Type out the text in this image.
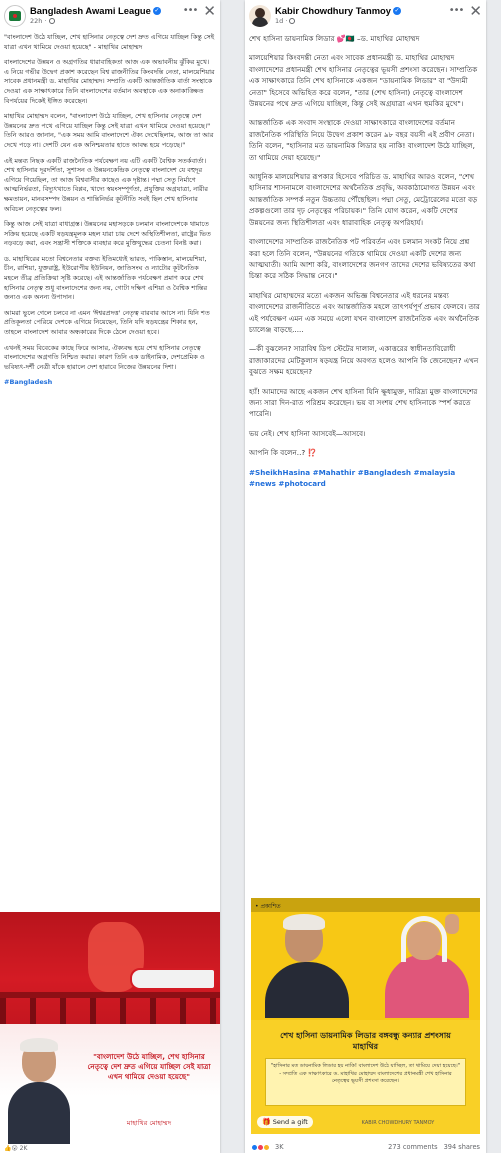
Bangladesh Awami League ✓
22h ·
••• ✕

"বাংলাদেশ উঠে যাচ্ছিল, শেখ হাসিনার নেতৃত্বে দেশ দ্রুত এগিয়ে যাচ্ছিল কিন্তু সেই যাত্রা এখন থামিয়ে দেওয়া হয়েছে" - মাহাথির মোহাম্মদ

বাংলাদেশের উন্নয়ন ও অগ্রগতির ধারাবাহিকতা আজ এক অভাবনীয় ঝুঁকির মুখে। এ নিয়ে গভীর উদ্বেগ প্রকাশ করেছেন বিশ্ব রাজনীতির কিংবদন্তি নেতা, মালয়েশিয়ার সাবেক প্রধানমন্ত্রী ড. মাহাথির মোহাম্মদ। সম্প্রতি একটি আন্তর্জাতিক বার্তা সংস্থাকে দেওয়া এক সাক্ষাৎকারে তিনি বাংলাদেশের বর্তমান অবস্থাকে এক অনাকাঙ্ক্ষিত বিপর্যয়ের দিকেই ইঙ্গিত করেছেন।

মাহাথির মোহাম্মদ বলেন, "বাংলাদেশ উঠে যাচ্ছিল, শেখ হাসিনার নেতৃত্বে দেশ উন্নয়নের দ্রুত পথে এগিয়ে যাচ্ছিল কিন্তু সেই যাত্রা এখন থামিয়ে দেওয়া হয়েছে।" তিনি আরও জানান, "এক সময় আমি বাংলাদেশে ঐক্য দেখেছিলাম, আজ তা আর দেখে পড়ে না। দেশটি যেন এক অনিশ্চয়তার হাতে আবদ্ধ হয়ে পড়েছে।"

এই মন্তব্য নিছক একটি রাজনৈতিক পর্যবেক্ষণ নয় এটি একটি বৈশ্বিক সতর্কবার্তা। শেখ হাসিনার দূরদর্শিতা, সুশাসন ও উন্নয়নকেন্দ্রিক নেতৃত্বে বাংলাদেশ যে বহুদূর এগিয়ে গিয়েছিল, তা আজ বিশ্ববাসীর কাছেও এক দৃষ্টান্ত। পদ্মা সেতু নির্মাণে আত্মনির্ভরতা, বিদ্যুৎখাতে বিপ্লব, খাদ্যে স্বয়ংসম্পূর্ণতা, প্রযুক্তির অগ্রযাত্রা, নারীর ক্ষমতায়ন, মানবসম্পদ উন্নয়ন ও শান্তিনির্ভর কূটনীতি সবই ছিল শেখ হাসিনার অবিচল নেতৃত্বের ফল।

কিন্তু আজ সেই যাত্রা বাধাগ্রস্ত। উন্নয়নের মহাসড়কে চলমান বাংলাদেশকে থামাতে সক্রিয় হয়েছে একটি ষড়যন্ত্রমূলক মহল যারা চায় দেশে অস্থিতিশীলতা, রাষ্ট্রের ভিত নড়বড়ে করা, এবং সন্ত্রাসী শক্তিকে ব্যবহার করে মুক্তিযুদ্ধের চেতনা বিনষ্ট করা।

ড. মাহাথিরের মতো বিশ্বনেতার বক্তব্য ইতিমধ্যেই ভারত, পাকিস্তান, মালয়েশিয়া, চীন, রাশিয়া, যুক্তরাষ্ট্র, ইউরোপীয় ইউনিয়ন, জাতিসংঘ ও ন্যাটোর কূটনৈতিক মহলে তীব্র প্রতিক্রিয়া সৃষ্টি করেছে। এই আন্তর্জাতিক পর্যবেক্ষণ প্রমাণ করে শেখ হাসিনার নেতৃত্ব শুধু বাংলাদেশের জন্য নয়, গোটা দক্ষিণ এশিয়া ও বৈশ্বিক শান্তির জন্যও এক অনন্য উপাদান।

আমরা ভুলে গেলে চলবে না এমন 'ঈশ্বরপ্রদত্ত' নেতৃত্ব বারবার আসে না। যিনি শত প্রতিকূলতা পেরিয়ে দেশকে এগিয়ে নিয়েছেন, তিনি যদি ষড়যন্ত্রের শিকার হন, তাহলে বাংলাদেশ আবার অন্ধকারের দিকে ঠেলে দেওয়া হবে।

এখনই সময় বিবেকের কাছে ফিরে আসার, ঐক্যবদ্ধ হয়ে শেখ হাসিনার নেতৃত্বে বাংলাদেশের অগ্রগতি নিশ্চিত করার। কারণ তিনি এক ডাইনামিক, দেশপ্রেমিক ও ভবিষ্যৎ-দর্শী নেত্রী যাঁকে হারালে দেশ হারাবে নিজের উন্নয়নের দিশা।

#Bangladesh

"বাংলাদেশ উঠে যাচ্ছিল, শেখ হাসিনার নেতৃত্বে দেশ দ্রুত এগিয়ে যাচ্ছিল সেই যাত্রা এখন থামিয়ে দেওয়া হয়েছে"
মাহাথির মোহাম্মদ
👍😮 2K
Kabir Chowdhury Tanmoy ✓
1d ·
••• ✕

শেখ হাসিনা ডায়নামিক লিডার 💕🇧🇩 –ড. মাহাথির মোহাম্মদ

মালয়েশিয়ার কিংবদন্তী নেতা এবং সাবেক প্রধানমন্ত্রী ড. মাহাথির মোহাম্মদ বাংলাদেশের প্রধানমন্ত্রী শেখ হাসিনার নেতৃত্বের ভূয়সী প্রশংসা করেছেন। সাম্প্রতিক এক সাক্ষাৎকারে তিনি শেখ হাসিনাকে একজন "ডায়নামিক লিডার" বা "উদ্যমী নেতা" হিসেবে অভিহিত করে বলেন, "তার (শেখ হাসিনা) নেতৃত্বে বাংলাদেশ উন্নয়নের পথে দ্রুত এগিয়ে যাচ্ছিল, কিন্তু সেই অগ্রযাত্রা এখন হুমকির মুখে"।

আন্তর্জাতিক এক সংবাদ সংস্থাকে দেওয়া সাক্ষাৎকারে বাংলাদেশের বর্তমান রাজনৈতিক পরিস্থিতি নিয়ে উদ্বেগ প্রকাশ করেন ৯৮ বছর বয়সী এই প্রবীণ নেতা। তিনি বলেন, "হাসিনার মত ডায়নামিক লিডার হয় নাকি! বাংলাদেশ উঠে যাচ্ছিল, তা থামিয়ে দেয়া হয়েছে।"

আধুনিক মালয়েশিয়ার রূপকার হিসেবে পরিচিত ড. মাহাথির আরও বলেন, "শেখ হাসিনার শাসনামলে বাংলাদেশের অর্থনৈতিক প্রবৃদ্ধি, অবকাঠামোগত উন্নয়ন এবং আন্তর্জাতিক সম্পর্ক নতুন উচ্চতায় পৌঁছেছিল। পদ্মা সেতু, মেট্রোরেলের মতো বড় প্রকল্পগুলো তার দৃঢ় নেতৃত্বের পরিচায়ক।" তিনি যোগ করেন, একটি দেশের উন্নয়নের জন্য স্থিতিশীলতা এবং ধারাবাহিক নেতৃত্ব অপরিহার্য।

বাংলাদেশের সাম্প্রতিক রাজনৈতিক পট পরিবর্তন এবং চলমান সংকট নিয়ে প্রশ্ন করা হলে তিনি বলেন, "উন্নয়নের গতিকে থামিয়ে দেওয়া একটি দেশের জন্য আত্মঘাতী। আমি আশা করি, বাংলাদেশের জনগণ তাদের দেশের ভবিষ্যতের কথা চিন্তা করে সঠিক সিদ্ধান্ত নেবে।"

মাহাথির মোহাম্মদের মতো একজন অভিজ্ঞ বিশ্বনেতার এই ধরনের মন্তব্য বাংলাদেশের রাজনীতিতে এবং আন্তর্জাতিক মহলে তাৎপর্যপূর্ণ প্রভাব ফেলবে। তার এই পর্যবেক্ষণ এমন এক সময়ে এলো যখন বাংলাদেশ রাজনৈতিক এবং অর্থনৈতিক চ্যালেঞ্জ বাড়ছে.....

—কী বুঝলেন? সারাবিশ্ব ডিপ স্টেটের দালাল, একাত্তরের স্বাধীনতাবিরোধী রাজাকারদের মেটিকুলাস ষড়যন্ত্র নিয়ে অবগত হলেও আপনি কি জেনেছেন? এখন বুঝতে সক্ষম হয়েছেন?

হ্যাঁ! আমাদের আছে একজন শেখ হাসিনা যিনি ক্ষুধামুক্ত, দারিদ্র্য মুক্ত বাংলাদেশের জন্য সারা দিন-রাত পরিশ্রম করেছেন। ভয় বা সংশয় শেখ হাসিনাকে স্পর্শ করতে পারেনি।

ভয় নেই। শেখ হাসিনা আসবেই—আসবে।

আপনি কি বলেন..? ⁉️

#SheikhHasina #Mahathir #Bangladesh #malaysia #news #photocard

• প্রকাশিত
শেখ হাসিনা ডায়নামিক লিডার বঙ্গবন্ধু কন্যার প্রশংসায় মাহাথির
"হাসিনার মত ডায়নামিক লিডার হয় নাকি! বাংলাদেশ উঠে যাচ্ছিল, তা থামিয়ে দেয়া হয়েছে।" - সম্প্রতি এক সাক্ষাৎকারে ড. মাহাথির মোহাম্মদ বাংলাদেশের প্রধানমন্ত্রী শেখ হাসিনার নেতৃত্বের ভূয়সী প্রশংসা করেছেন।
🎁 Send a gift	KABIR CHOWDHURY TANMOY
3K	273 comments 394 shares
